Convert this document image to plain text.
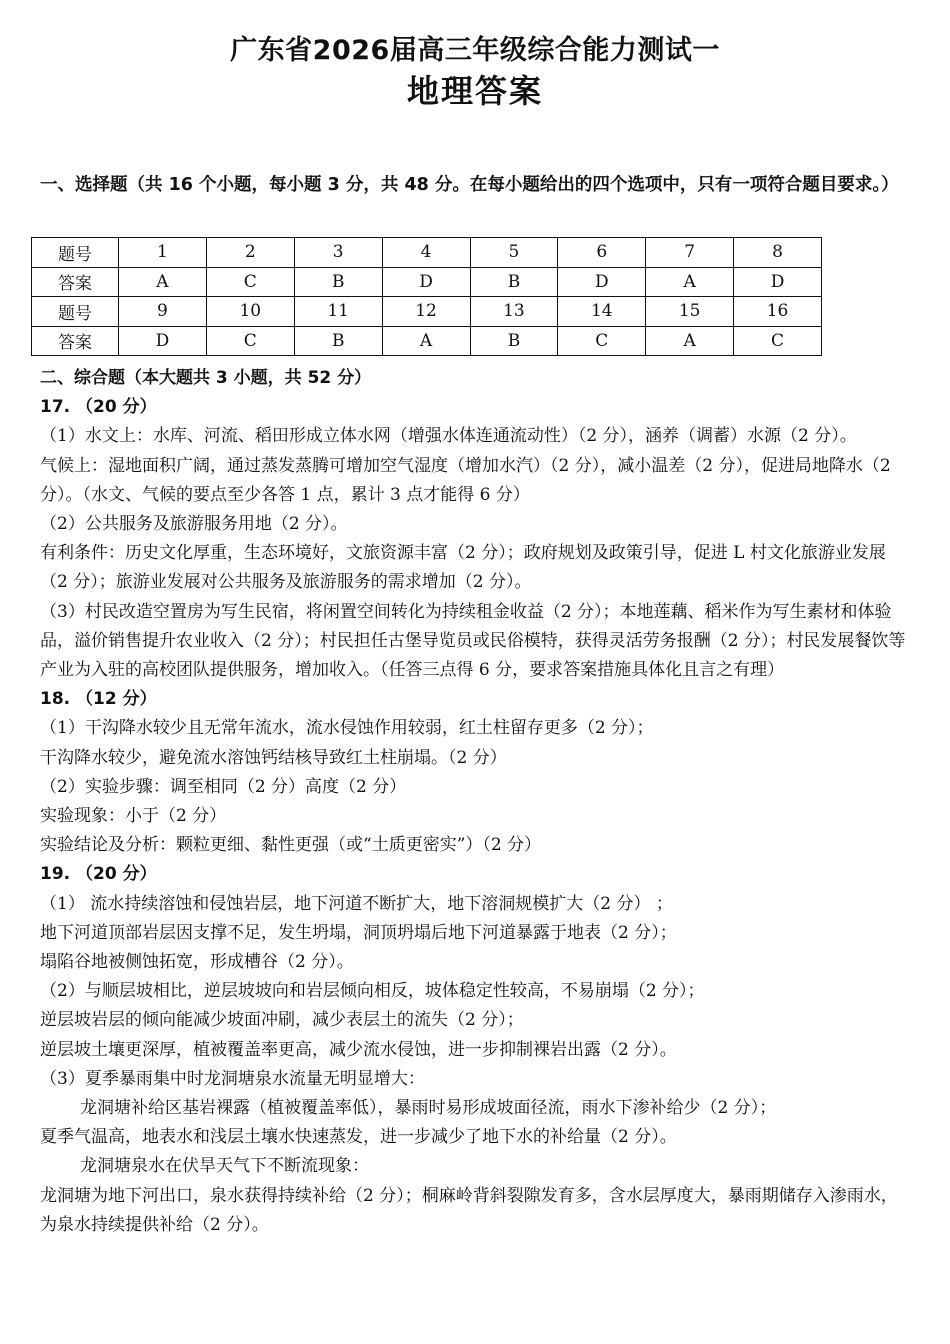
广东省2026届高三年级综合能力测试一
地理答案
一、选择题（共 16 个小题，每小题 3 分，共 48 分。在每小题给出的四个选项中，只有一项符合题目要求。）
题号	1	2	3	4	5	6	7	8
答案	A	C	B	D	B	D	A	D
题号	9	10	11	12	13	14	15	16
答案	D	C	B	A	B	C	A	C

二、综合题（本大题共 3 小题，共 52 分）

17. （20 分）

（1）水文上：水库、河流、稻田形成立体水网（增强水体连通流动性）（2 分），涵养（调蓄）水源（2 分）。

气候上：湿地面积广阔，通过蒸发蒸腾可增加空气湿度（增加水汽）（2 分），减小温差（2 分），促进局地降水（2 分）。（水文、气候的要点至少各答 1 点，累计 3 点才能得 6 分）

（2）公共服务及旅游服务用地（2 分）。

有利条件：历史文化厚重，生态环境好，文旅资源丰富（2 分）；政府规划及政策引导，促进 L 村文化旅游业发展（2 分）；旅游业发展对公共服务及旅游服务的需求增加（2 分）。

（3）村民改造空置房为写生民宿，将闲置空间转化为持续租金收益（2 分）；本地莲藕、稻米作为写生素材和体验品，溢价销售提升农业收入（2 分）；村民担任古堡导览员或民俗模特，获得灵活劳务报酬（2 分）；村民发展餐饮等产业为入驻的高校团队提供服务，增加收入。（任答三点得 6 分，要求答案措施具体化且言之有理）

18. （12 分）

（1）干沟降水较少且无常年流水，流水侵蚀作用较弱，红土柱留存更多（2 分）；

干沟降水较少，避免流水溶蚀钙结核导致红土柱崩塌。（2 分）

（2）实验步骤：调至相同（2 分）高度（2 分）

实验现象：小于（2 分）

实验结论及分析：颗粒更细、黏性更强（或“土质更密实”）（2 分）

19. （20 分）

（1） 流水持续溶蚀和侵蚀岩层，地下河道不断扩大，地下溶洞规模扩大（2 分） ；

地下河道顶部岩层因支撑不足，发生坍塌，洞顶坍塌后地下河道暴露于地表（2 分）；

塌陷谷地被侧蚀拓宽，形成槽谷（2 分）。

（2）与顺层坡相比，逆层坡坡向和岩层倾向相反，坡体稳定性较高，不易崩塌（2 分）；

逆层坡岩层的倾向能减少坡面冲刷，减少表层土的流失（2 分）；

逆层坡土壤更深厚，植被覆盖率更高，减少流水侵蚀，进一步抑制裸岩出露（2 分）。

（3）夏季暴雨集中时龙洞塘泉水流量无明显增大：

龙洞塘补给区基岩裸露（植被覆盖率低），暴雨时易形成坡面径流，雨水下渗补给少（2 分）；

夏季气温高，地表水和浅层土壤水快速蒸发，进一步减少了地下水的补给量（2 分）。

龙洞塘泉水在伏旱天气下不断流现象：

龙洞塘为地下河出口，泉水获得持续补给（2 分）；桐麻岭背斜裂隙发育多，含水层厚度大，暴雨期储存入渗雨水，为泉水持续提供补给（2 分）。
